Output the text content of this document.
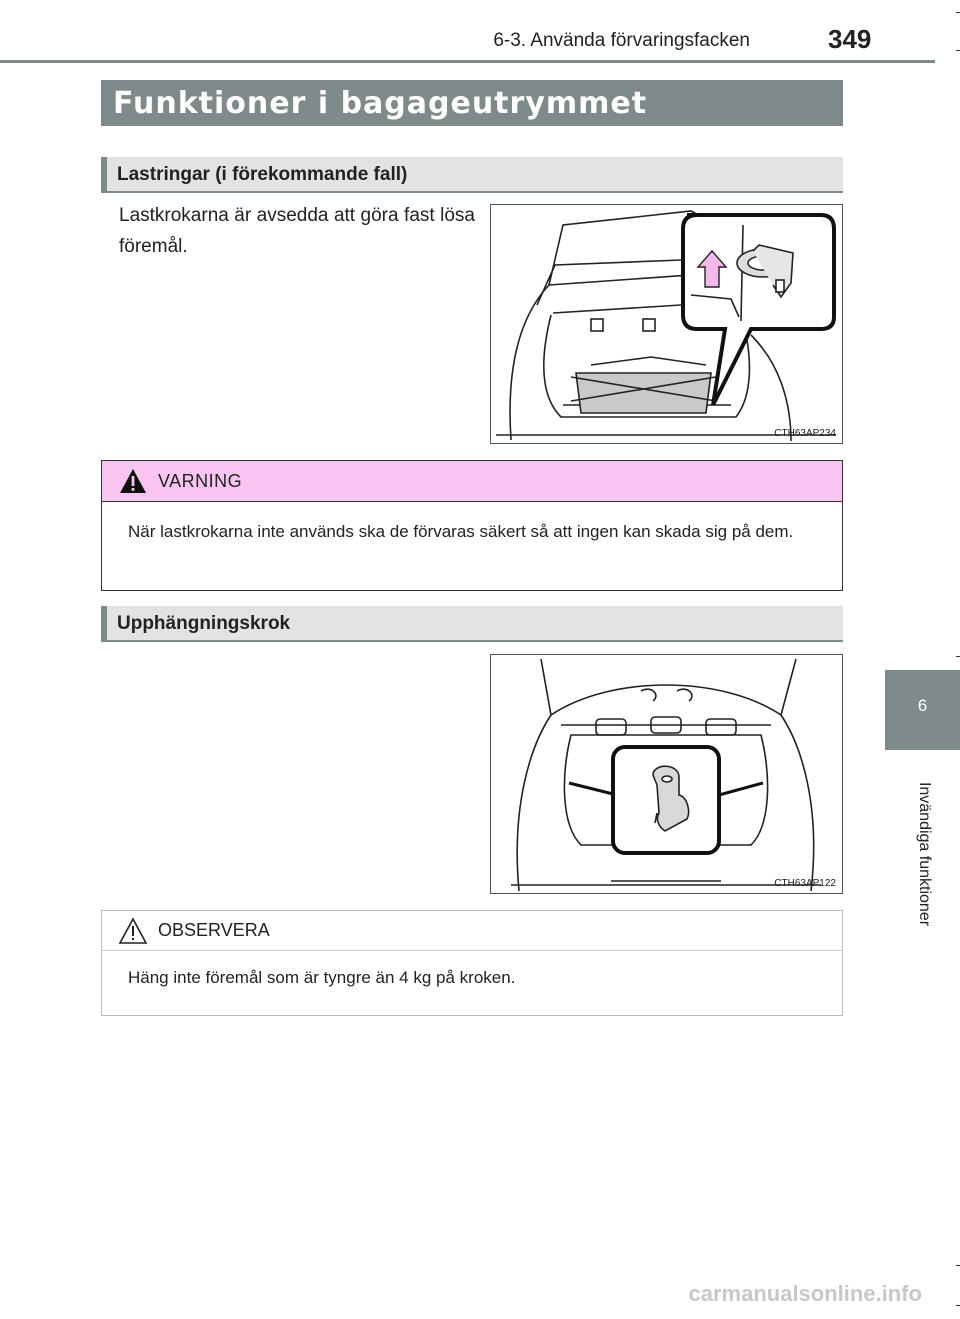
6-3. Använda förvaringsfacken	349
Funktioner i bagageutrymmet
Lastringar (i förekommande fall)
Lastkrokarna är avsedda att göra fast lösa föremål.
CTH63AP234
VARNING
När lastkrokarna inte används ska de förvaras säkert så att ingen kan skada sig på dem.
Upphängningskrok
CTH63AP122
OBSERVERA
Häng inte föremål som är tyngre än 4 kg på kroken.
6
Invändiga funktioner
carmanualsonline.info
